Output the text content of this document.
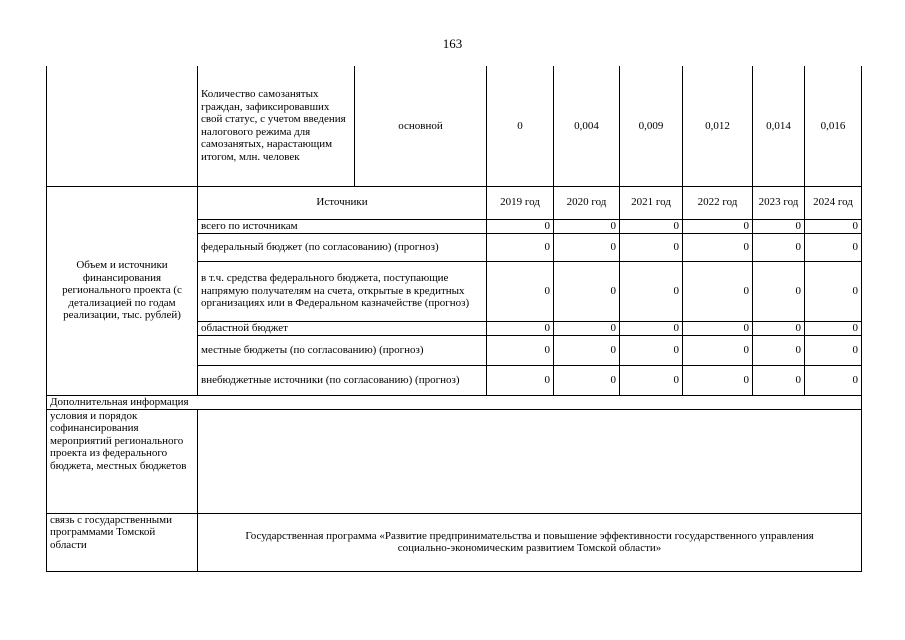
163
	Количество самозанятых граждан, зафиксировавших свой статус, с учетом введения налогового режима для самозанятых, нарастающим итогом, млн. человек	основной	0	0,004	0,009	0,012	0,014	0,016
Объем и источники финансирования регионального проекта (с детализацией по годам реализации, тыс. рублей)	Источники		2019 год	2020 год	2021 год	2022 год	2023 год	2024 год
	всего по источникам		0	0	0	0	0	0
	федеральный бюджет (по согласованию) (прогноз)		0	0	0	0	0	0
	в т.ч. средства федерального бюджета, поступающие напрямую получателям на счета, открытые в кредитных организациях или в Федеральном казначействе (прогноз)		0	0	0	0	0	0
	областной бюджет		0	0	0	0	0	0
	местные бюджеты (по согласованию) (прогноз)		0	0	0	0	0	0
	внебюджетные источники (по согласованию) (прогноз)		0	0	0	0	0	0
Дополнительная информация								
условия и порядок софинансирования мероприятий регионального проекта из федерального бюджета, местных бюджетов								
связь с государственными программами Томской области	Государственная программа «Развитие предпринимательства и повышение эффективности государственного управления социально-экономическим развитием Томской области»							
